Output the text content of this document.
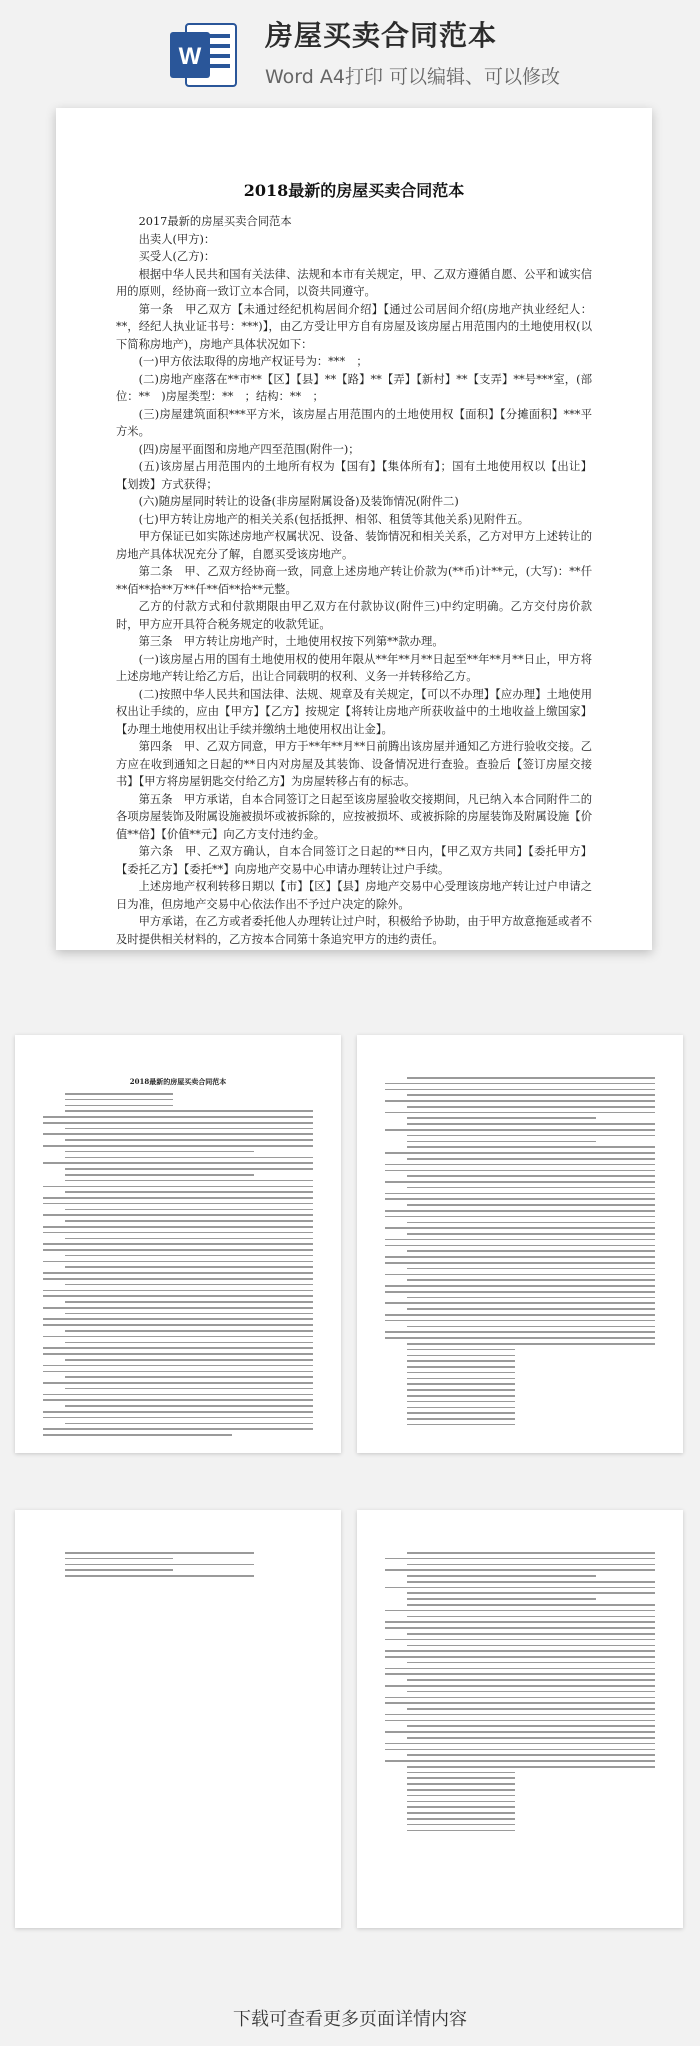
W
房屋买卖合同范本
Word A4打印 可以编辑、可以修改
2018最新的房屋买卖合同范本

2017最新的房屋买卖合同范本

出卖人(甲方)：

买受人(乙方)：

根据中华人民共和国有关法律、法规和本市有关规定，甲、乙双方遵循自愿、公平和诚实信用的原则，经协商一致订立本合同，以资共同遵守。

第一条　甲乙双方【未通过经纪机构居间介绍】【通过公司居间介绍(房地产执业经纪人：**，经纪人执业证书号：***)】，由乙方受让甲方自有房屋及该房屋占用范围内的土地使用权(以下简称房地产)，房地产具体状况如下：

(一)甲方依法取得的房地产权证号为：***　；

(二)房地产座落在**市**【区】【县】**【路】**【弄】【新村】**【支弄】**号***室，(部位：**　)房屋类型：**　；结构：**　；

(三)房屋建筑面积***平方米，该房屋占用范围内的土地使用权【面积】【分摊面积】***平方米。

(四)房屋平面图和房地产四至范围(附件一)；

(五)该房屋占用范围内的土地所有权为【国有】【集体所有】；国有土地使用权以【出让】【划拨】方式获得；

(六)随房屋同时转让的设备(非房屋附属设备)及装饰情况(附件二)

(七)甲方转让房地产的相关关系(包括抵押、相邻、租赁等其他关系)见附件五。

甲方保证已如实陈述房地产权属状况、设备、装饰情况和相关关系，乙方对甲方上述转让的房地产具体状况充分了解，自愿买受该房地产。

第二条　甲、乙双方经协商一致，同意上述房地产转让价款为(**币)计**元，(大写)：**仟**佰**拾**万**仟**佰**拾**元整。

乙方的付款方式和付款期限由甲乙双方在付款协议(附件三)中约定明确。乙方交付房价款时，甲方应开具符合税务规定的收款凭证。

第三条　甲方转让房地产时，土地使用权按下列第**款办理。

(一)该房屋占用的国有土地使用权的使用年限从**年**月**日起至**年**月**日止，甲方将上述房地产转让给乙方后，出让合同载明的权利、义务一并转移给乙方。

(二)按照中华人民共和国法律、法规、规章及有关规定，【可以不办理】【应办理】土地使用权出让手续的，应由【甲方】【乙方】按规定【将转让房地产所获收益中的土地收益上缴国家】【办理土地使用权出让手续并缴纳土地使用权出让金】。

第四条　甲、乙双方同意，甲方于**年**月**日前腾出该房屋并通知乙方进行验收交接。乙方应在收到通知之日起的**日内对房屋及其装饰、设备情况进行查验。查验后【签订房屋交接书】【甲方将房屋钥匙交付给乙方】为房屋转移占有的标志。

第五条　甲方承诺，自本合同签订之日起至该房屋验收交接期间，凡已纳入本合同附件二的各项房屋装饰及附属设施被损坏或被拆除的，应按被损坏、或被拆除的房屋装饰及附属设施【价值**倍】【价值**元】向乙方支付违约金。

第六条　甲、乙双方确认，自本合同签订之日起的**日内，【甲乙双方共同】【委托甲方】【委托乙方】【委托**】向房地产交易中心申请办理转让过户手续。

上述房地产权利转移日期以【市】【区】【县】房地产交易中心受理该房地产转让过户申请之日为准，但房地产交易中心依法作出不予过户决定的除外。

甲方承诺，在乙方或者委托他人办理转让过户时，积极给予协助，由于甲方故意拖延或者不及时提供相关材料的，乙方按本合同第十条追究甲方的违约责任。

2018最新的房屋买卖合同范本
下载可查看更多页面详情内容
